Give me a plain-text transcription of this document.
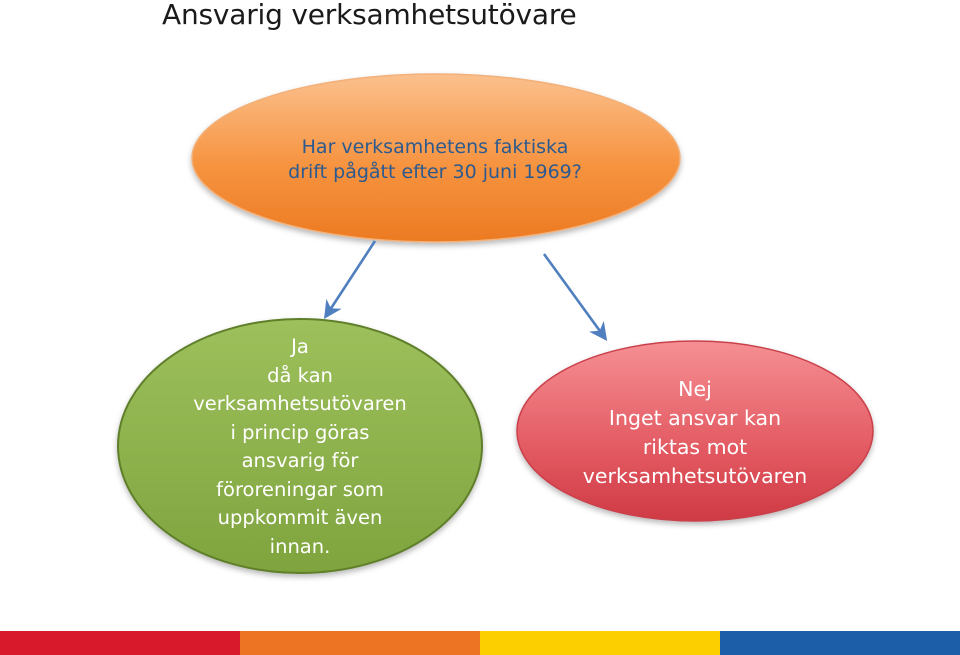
Ansvarig verksamhetsutövare
Har verksamhetens faktiska
drift pågått efter 30 juni 1969?
Ja
då kan
verksamhetsutövaren
i princip göras
ansvarig för
föroreningar som
uppkommit även
innan.
Nej
Inget ansvar kan
riktas mot
verksamhetsutövaren
